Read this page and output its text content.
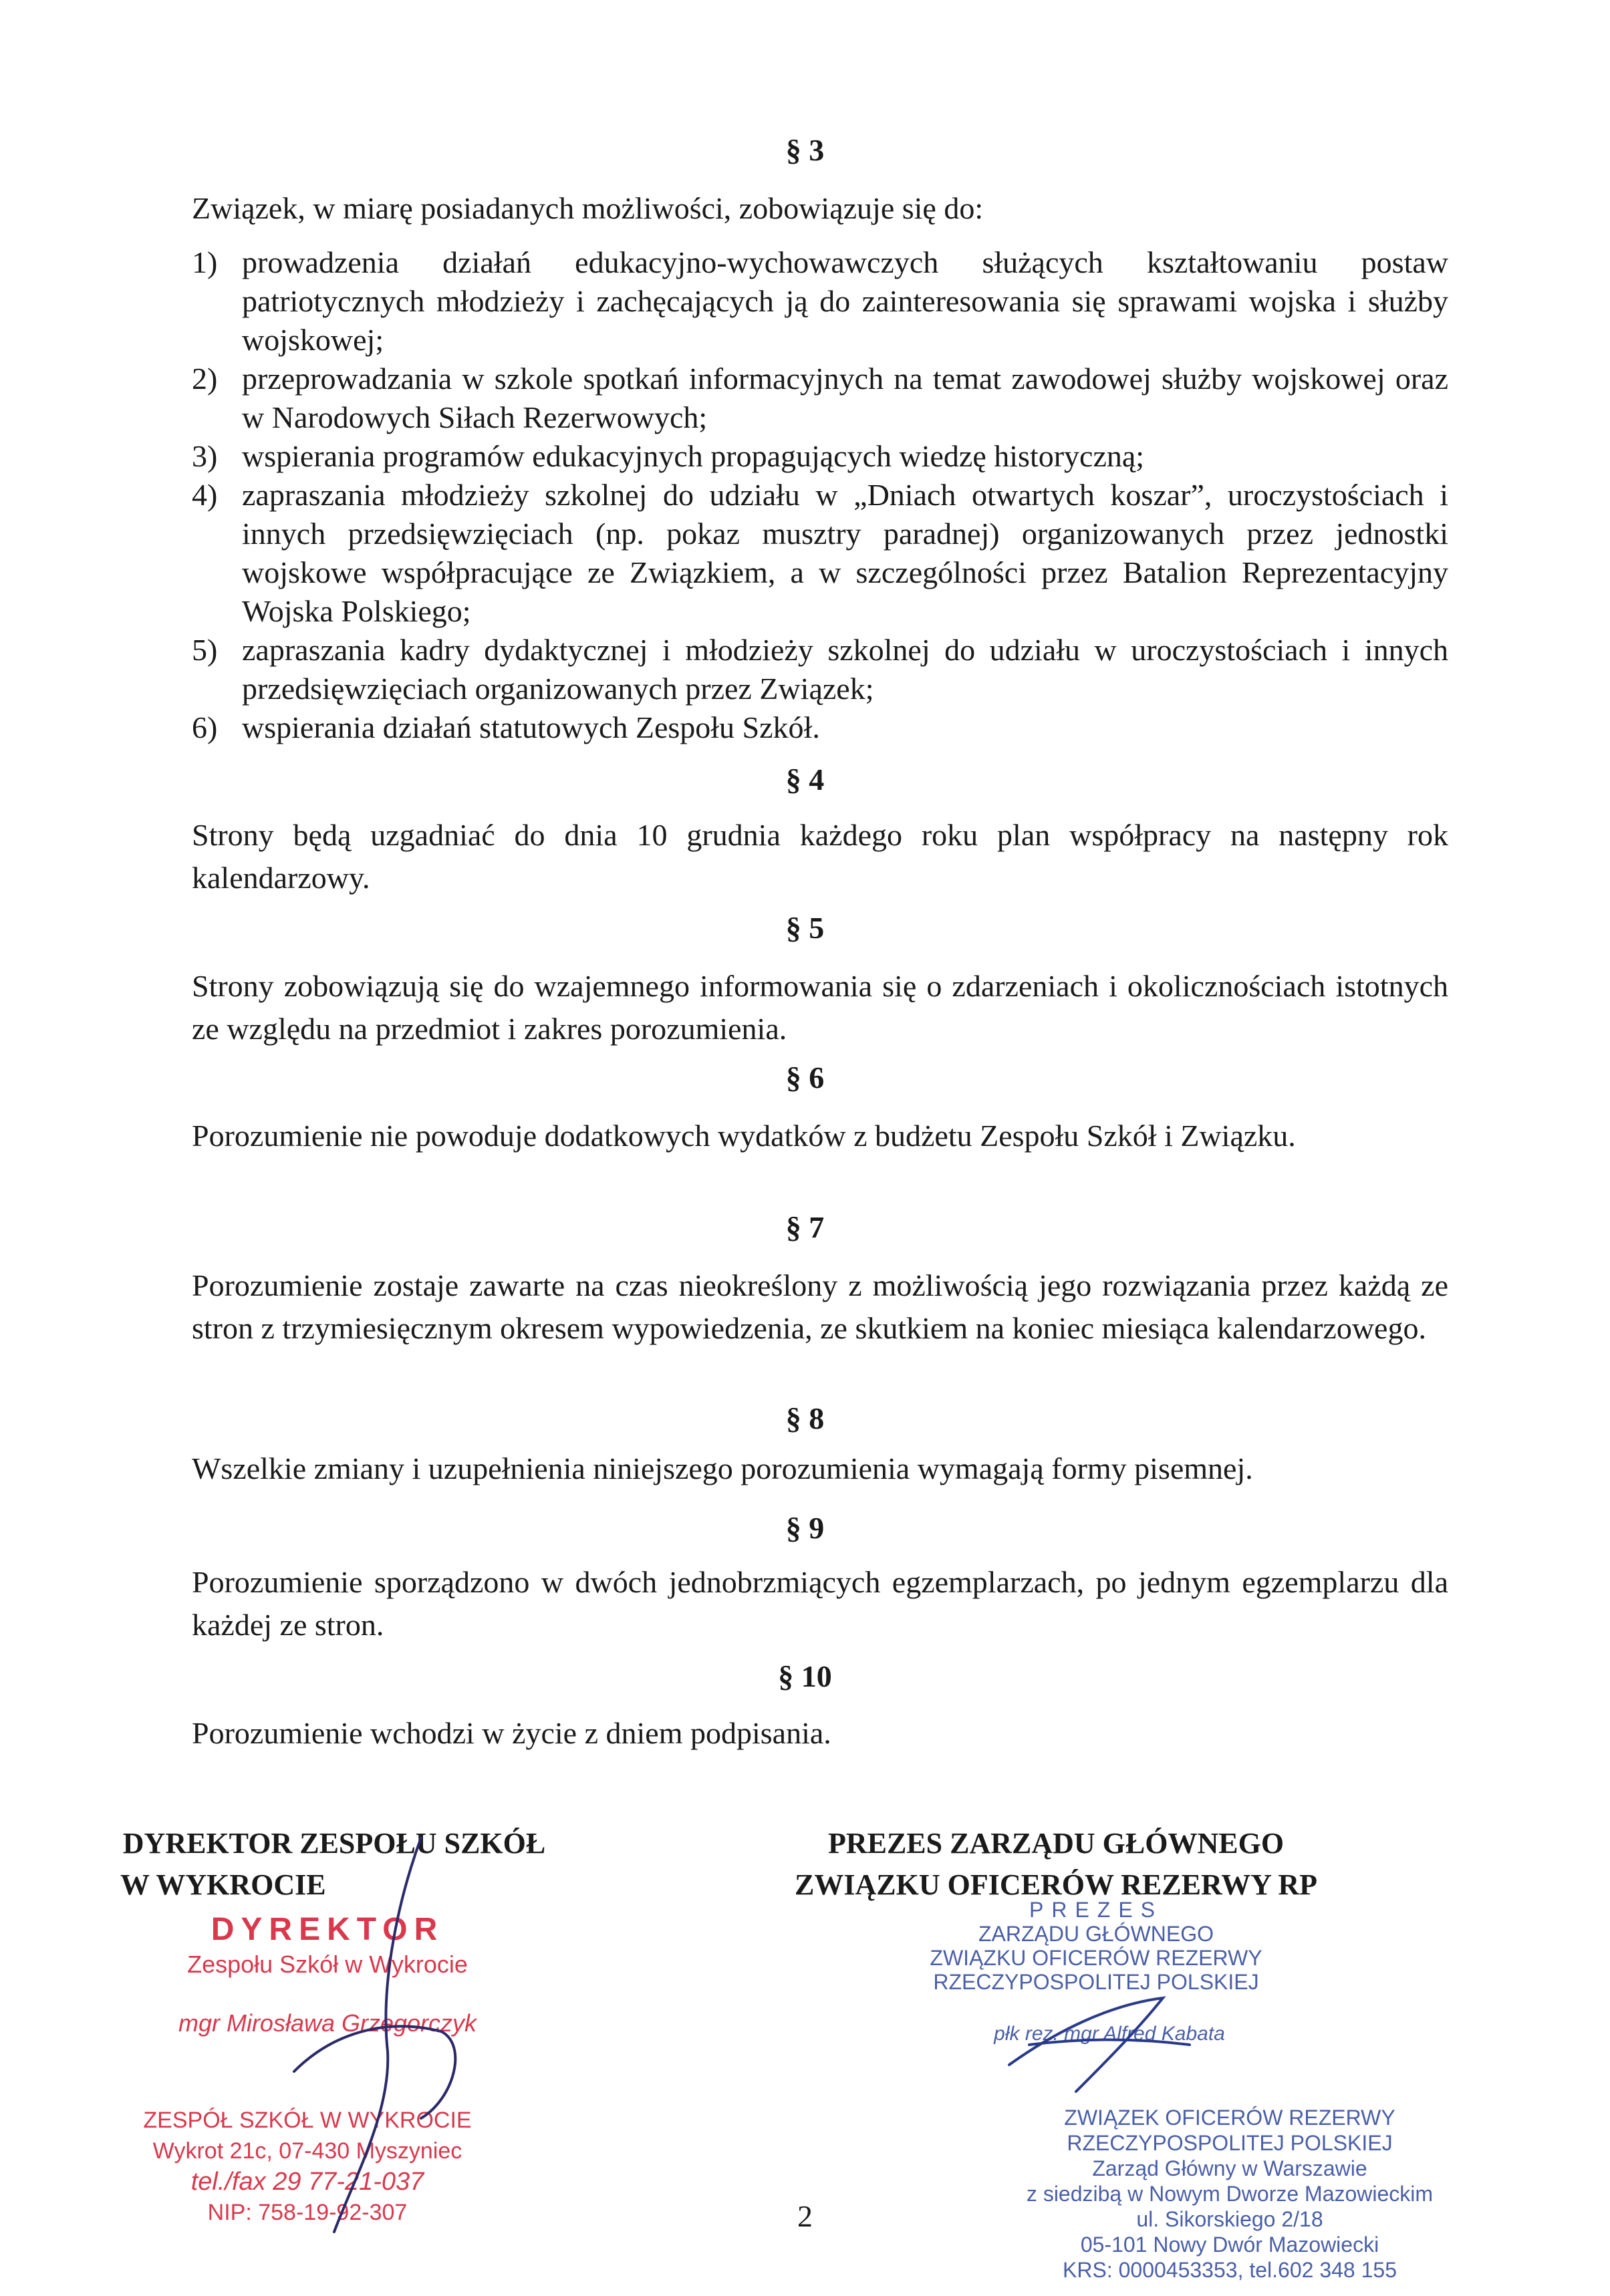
§ 3
Związek, w miarę posiadanych możliwości, zobowiązuje się do:
1) prowadzenia działań edukacyjno-wychowawczych służących kształtowaniu postaw patriotycznych młodzieży i zachęcających ją do zainteresowania się sprawami wojska i służby wojskowej;
2) przeprowadzania w szkole spotkań informacyjnych na temat zawodowej służby wojskowej oraz w Narodowych Siłach Rezerwowych;
3) wspierania programów edukacyjnych propagujących wiedzę historyczną;
4) zapraszania młodzieży szkolnej do udziału w „Dniach otwartych koszar”, uroczystościach i innych przedsięwzięciach (np. pokaz musztry paradnej) organizowanych przez jednostki wojskowe współpracujące ze Związkiem, a w szczególności przez Batalion Reprezentacyjny Wojska Polskiego;
5) zapraszania kadry dydaktycznej i młodzieży szkolnej do udziału w uroczystościach i innych przedsięwzięciach organizowanych przez Związek;
6) wspierania działań statutowych Zespołu Szkół.
§ 4
Strony będą uzgadniać do dnia 10 grudnia każdego roku plan współpracy na następny rok kalendarzowy.
§ 5
Strony zobowiązują się do wzajemnego informowania się o zdarzeniach i okolicznościach istotnych ze względu na przedmiot i zakres porozumienia.
§ 6
Porozumienie nie powoduje dodatkowych wydatków z budżetu Zespołu Szkół i Związku.
§ 7
Porozumienie zostaje zawarte na czas nieokreślony z możliwością jego rozwiązania przez każdą ze stron z trzymiesięcznym okresem wypowiedzenia, ze skutkiem na koniec miesiąca kalendarzowego.
§ 8
Wszelkie zmiany i uzupełnienia niniejszego porozumienia wymagają formy pisemnej.
§ 9
Porozumienie sporządzono w dwóch jednobrzmiących egzemplarzach, po jednym egzemplarzu dla każdej ze stron.
§ 10
Porozumienie wchodzi w życie z dniem podpisania.
DYREKTOR ZESPOŁU SZKÓŁ
W WYKROCIE
DYREKTOR
Zespołu Szkół w Wykrocie
mgr Mirosława Grzegorczyk
ZESPÓŁ SZKÓŁ W WYKROCIE
Wykrot 21c, 07-430 Myszyniec
tel./fax 29 77-21-037
NIP: 758-19-92-307
PREZES ZARZĄDU GŁÓWNEGO
ZWIĄZKU OFICERÓW REZERWY RP
PREZES
ZARZĄDU GŁÓWNEGO
ZWIĄZKU OFICERÓW REZERWY
RZECZYPOSPOLITEJ POLSKIEJ
płk rez. mgr Alfred Kabata
ZWIĄZEK OFICERÓW REZERWY
RZECZYPOSPOLITEJ POLSKIEJ
Zarząd Główny w Warszawie
z siedzibą w Nowym Dworze Mazowieckim
ul. Sikorskiego 2/18
05-101 Nowy Dwór Mazowiecki
KRS: 0000453353, tel.602 348 155
2
